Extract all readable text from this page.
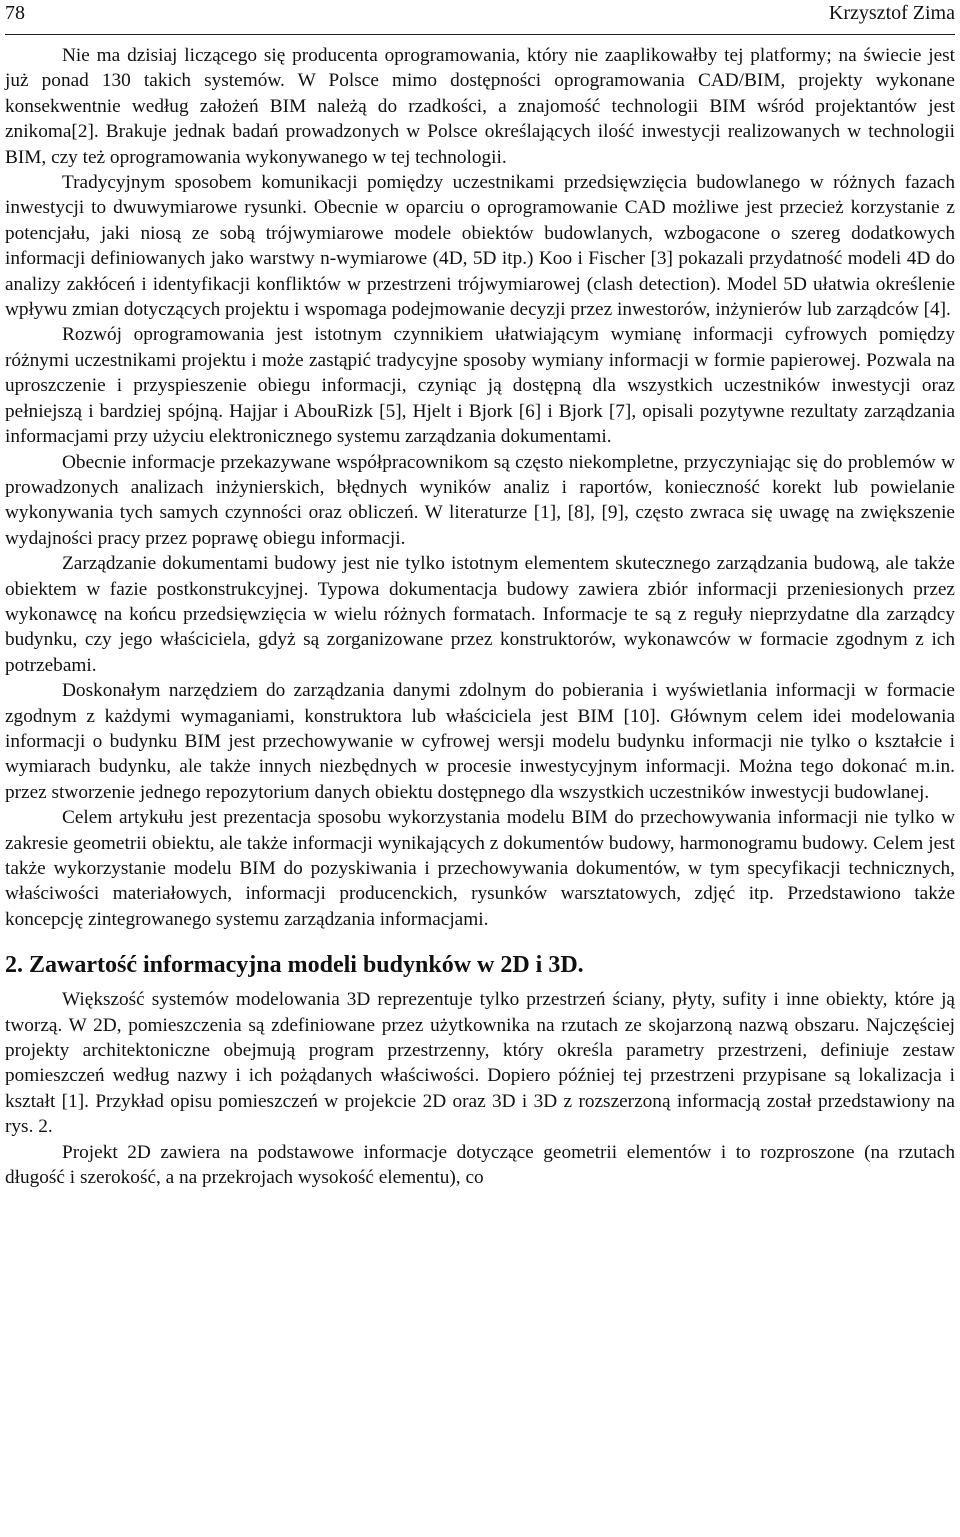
78	Krzysztof Zima

Nie ma dzisiaj liczącego się producenta oprogramowania, który nie zaaplikowałby tej platformy; na świecie jest już ponad 130 takich systemów. W Polsce mimo dostępności oprogramowania CAD/BIM, projekty wykonane konsekwentnie według założeń BIM należą do rzadkości, a znajomość technologii BIM wśród projektantów jest znikoma[2]. Brakuje jednak badań prowadzonych w Polsce określających ilość inwestycji realizowanych w technologii BIM, czy też oprogramowania wykonywanego w tej technologii.

Tradycyjnym sposobem komunikacji pomiędzy uczestnikami przedsięwzięcia budowlanego w różnych fazach inwestycji to dwuwymiarowe rysunki. Obecnie w oparciu o oprogramowanie CAD możliwe jest przecież korzystanie z potencjału, jaki niosą ze sobą trójwymiarowe modele obiektów budowlanych, wzbogacone o szereg dodatkowych informacji definiowanych jako warstwy n-wymiarowe (4D, 5D itp.) Koo i Fischer [3] pokazali przydatność modeli 4D do analizy zakłóceń i identyfikacji konfliktów w przestrzeni trójwymiarowej (clash detection). Model 5D ułatwia określenie wpływu zmian dotyczących projektu i wspomaga podejmowanie decyzji przez inwestorów, inżynierów lub zarządców [4].

Rozwój oprogramowania jest istotnym czynnikiem ułatwiającym wymianę informacji cyfrowych pomiędzy różnymi uczestnikami projektu i może zastąpić tradycyjne sposoby wymiany informacji w formie papierowej. Pozwala na uproszczenie i przyspieszenie obiegu informacji, czyniąc ją dostępną dla wszystkich uczestników inwestycji oraz pełniejszą i bardziej spójną. Hajjar i AbouRizk [5], Hjelt i Bjork [6] i Bjork [7], opisali pozytywne rezultaty zarządzania informacjami przy użyciu elektronicznego systemu zarządzania dokumentami.

Obecnie informacje przekazywane współpracownikom są często niekompletne, przyczyniając się do problemów w prowadzonych analizach inżynierskich, błędnych wyników analiz i raportów, konieczność korekt lub powielanie wykonywania tych samych czynności oraz obliczeń. W literaturze [1], [8], [9], często zwraca się uwagę na zwiększenie wydajności pracy przez poprawę obiegu informacji.

Zarządzanie dokumentami budowy jest nie tylko istotnym elementem skutecznego zarządzania budową, ale także obiektem w fazie postkonstrukcyjnej. Typowa dokumentacja budowy zawiera zbiór informacji przeniesionych przez wykonawcę na końcu przedsięwzięcia w wielu różnych formatach. Informacje te są z reguły nieprzydatne dla zarządcy budynku, czy jego właściciela, gdyż są zorganizowane przez konstruktorów, wykonawców w formacie zgodnym z ich potrzebami.

Doskonałym narzędziem do zarządzania danymi zdolnym do pobierania i wyświetlania informacji w formacie zgodnym z każdymi wymaganiami, konstruktora lub właściciela jest BIM [10]. Głównym celem idei modelowania informacji o budynku BIM jest przechowywanie w cyfrowej wersji modelu budynku informacji nie tylko o kształcie i wymiarach budynku, ale także innych niezbędnych w procesie inwestycyjnym informacji. Można tego dokonać m.in. przez stworzenie jednego repozytorium danych obiektu dostępnego dla wszystkich uczestników inwestycji budowlanej.

Celem artykułu jest prezentacja sposobu wykorzystania modelu BIM do przechowywania informacji nie tylko w zakresie geometrii obiektu, ale także informacji wynikających z dokumentów budowy, harmonogramu budowy. Celem jest także wykorzystanie modelu BIM do pozyskiwania i przechowywania dokumentów, w tym specyfikacji technicznych, właściwości materiałowych, informacji producenckich, rysunków warsztatowych, zdjęć itp. Przedstawiono także koncepcję zintegrowanego systemu zarządzania informacjami.

2. Zawartość informacyjna modeli budynków w 2D i 3D.

Większość systemów modelowania 3D reprezentuje tylko przestrzeń ściany, płyty, sufity i inne obiekty, które ją tworzą. W 2D, pomieszczenia są zdefiniowane przez użytkownika na rzutach ze skojarzoną nazwą obszaru. Najczęściej projekty architektoniczne obejmują program przestrzenny, który określa parametry przestrzeni, definiuje zestaw pomieszczeń według nazwy i ich pożądanych właściwości. Dopiero później tej przestrzeni przypisane są lokalizacja i kształt [1]. Przykład opisu pomieszczeń w projekcie 2D oraz 3D i 3D z rozszerzoną informacją został przedstawiony na rys. 2.

Projekt 2D zawiera na podstawowe informacje dotyczące geometrii elementów i to rozproszone (na rzutach długość i szerokość, a na przekrojach wysokość elementu), co
